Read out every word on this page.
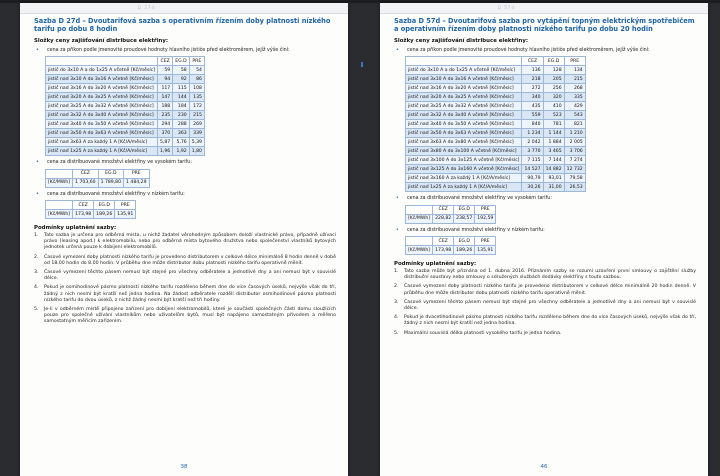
D 27d

Sazba D 27d – Dvoutarifová sazba s operativním řízením doby platnosti nízkého tarifu po dobu 8 hodin

Složky ceny zajišťování distribuce elektřiny:
•	cena za příkon podle jmenovité proudové hodnoty hlavního jističe před elektroměrem, jejíž výše činí:
	ČEZ	EG.D	PRE
jistič do 3x10 A a do 1x25 A včetně [Kč/měsíc]	59	58	54
jistič nad 3x10 A do 3x16 A včetně [Kč/měsíc]	94	92	86
jistič nad 3x16 A do 3x20 A včetně [Kč/měsíc]	117	115	108
jistič nad 3x20 A do 3x25 A včetně [Kč/měsíc]	147	144	135
jistič nad 3x25 A do 3x32 A včetně [Kč/měsíc]	188	184	172
jistič nad 3x32 A do 3x40 A včetně [Kč/měsíc]	235	230	215
jistič nad 3x40 A do 3x50 A včetně [Kč/měsíc]	294	288	269
jistič nad 3x50 A do 3x63 A včetně [Kč/měsíc]	370	363	339
jistič nad 3x63 A za každý 1 A [Kč/A/měsíc]	5,87	5,76	5,39
jistič nad 1x25 A za každý 1 A [Kč/A/měsíc]	1,96	1,92	1,80
•	cena za distribuované množství elektřiny ve vysokém tarifu:
	ČEZ	EG.D	PRE
[Kč/MWh]	1 703,60	1 789,80	1 484,29
•	cena za distribuované množství elektřiny v nízkém tarifu:
	ČEZ	EG.D	PRE
[Kč/MWh]	173,98	189,26	135,91
Podmínky uplatnění sazby:
1.	Tato sazba je určena pro odběrná místa, u nichž žadatel věrohodným způsobem doloží vlastnické právo, případně užívací právo (leasing apod.) k elektromobilu, nebo pro odběrná místa bytového družstva nebo společenství vlastníků bytových jednotek určená pouze k dobíjení elektromobilů.
2.	Časové vymezení doby platnosti nízkého tarifu je provedeno distributorem v celkové délce minimálně 8 hodin denně v době od 18.00 hodin do 8.00 hodin. V průběhu dne může distributor dobu platnosti nízkého tarifu operativně měnit.
3.	Časové vymezení těchto pásem nemusí být stejné pro všechny odběratele a jednotlivé dny a ani nemusí být v souvislé délce.
4.	Pokud je osmihodinové pásmo platnosti nízkého tarifu rozděleno během dne do více časových úseků, nejvýše však do tří, žádný z nich nesmí být kratší než jedna hodina. Na žádost odběratele rozdělí distributor osmihodinové pásmo platnosti nízkého tarifu do dvou úseků, z nichž žádný nesmí být kratší než tři hodiny.
5.	Je-li v odběrném místě připojeno zařízení pro dobíjení elektromobilů, které je součástí společných částí domu sloužících pouze pro společné užívání vlastníkům nebo uživatelům bytů, musí být napájeno samostatným přívodem a měřeno samostatným měřicím zařízením.
38
D 57d

Sazba D 57d – Dvoutarifová sazba pro vytápění topným elektrickým spotřebičem a operativním řízením doby platnosti nízkého tarifu po dobu 20 hodin

Složky ceny zajišťování distribuce elektřiny:
•	cena za příkon podle jmenovité proudové hodnoty hlavního jističe před elektroměrem, jejíž výše činí:
	ČEZ	EG.D	PRE
jistič do 3x10 A a do 1x25 A včetně [Kč/měsíc]	136	128	134
jistič nad 3x10 A do 3x16 A včetně [Kč/měsíc]	218	205	215
jistič nad 3x16 A do 3x20 A včetně [Kč/měsíc]	272	256	268
jistič nad 3x20 A do 3x25 A včetně [Kč/měsíc]	340	320	335
jistič nad 3x25 A do 3x32 A včetně [Kč/měsíc]	435	410	429
jistič nad 3x32 A do 3x40 A včetně [Kč/měsíc]	559	523	543
jistič nad 3x40 A do 3x50 A včetně [Kč/měsíc]	840	781	821
jistič nad 3x50 A do 3x63 A včetně [Kč/měsíc]	1 234	1 144	1 210
jistič nad 3x63 A do 3x80 A včetně [Kč/měsíc]	2 042	1 884	2 005
jistič nad 3x80 A do 3x100 A včetně [Kč/měsíc]	3 770	3 465	3 706
jistič nad 3x100 A do 3x125 A včetně [Kč/měsíc]	7 115	7 144	7 274
jistič nad 3x125 A do 3x160 A včetně [Kč/měsíc]	14 527	14 882	12 732
jistič nad 3x160 A za každý 1 A [Kč/A/měsíc]	90,79	93,01	79,58
jistič nad 1x25 A za každý 1 A [Kč/A/měsíc]	30,26	31,00	26,53
•	cena za distribuované množství elektřiny ve vysokém tarifu:
	ČEZ	EG.D	PRE
[Kč/MWh]	228,82	238,57	192,59
•	cena za distribuované množství elektřiny v nízkém tarifu:
	ČEZ	EG.D	PRE
[Kč/MWh]	173,98	189,26	135,91
Podmínky uplatnění sazby:
1.	Tato sazba může být přiznána od 1. dubna 2016. Přiznáním sazby se rozumí uzavření první smlouvy o zajištění služby distribuční soustavy nebo smlouvy o sdružených službách dodávky elektřiny s touto sazbou.
2.	Časové vymezení doby platnosti nízkého tarifu je provedeno distributorem v celkové délce minimálně 20 hodin denně. V průběhu dne může distributor dobu platnosti nízkého tarifu operativně měnit.
3.	Časové vymezení těchto pásem nemusí být stejné pro všechny odběratele a jednotlivé dny a ani nemusí být v souvislé délce.
4.	Pokud je dvacetihodinové pásmo platnosti nízkého tarifu rozděleno během dne do více časových úseků, nejvýše však do tří, žádný z nich nesmí být kratší než jedna hodina.
5.	Maximální souvislá délka platnosti vysokého tarifu je jedna hodina.
46
